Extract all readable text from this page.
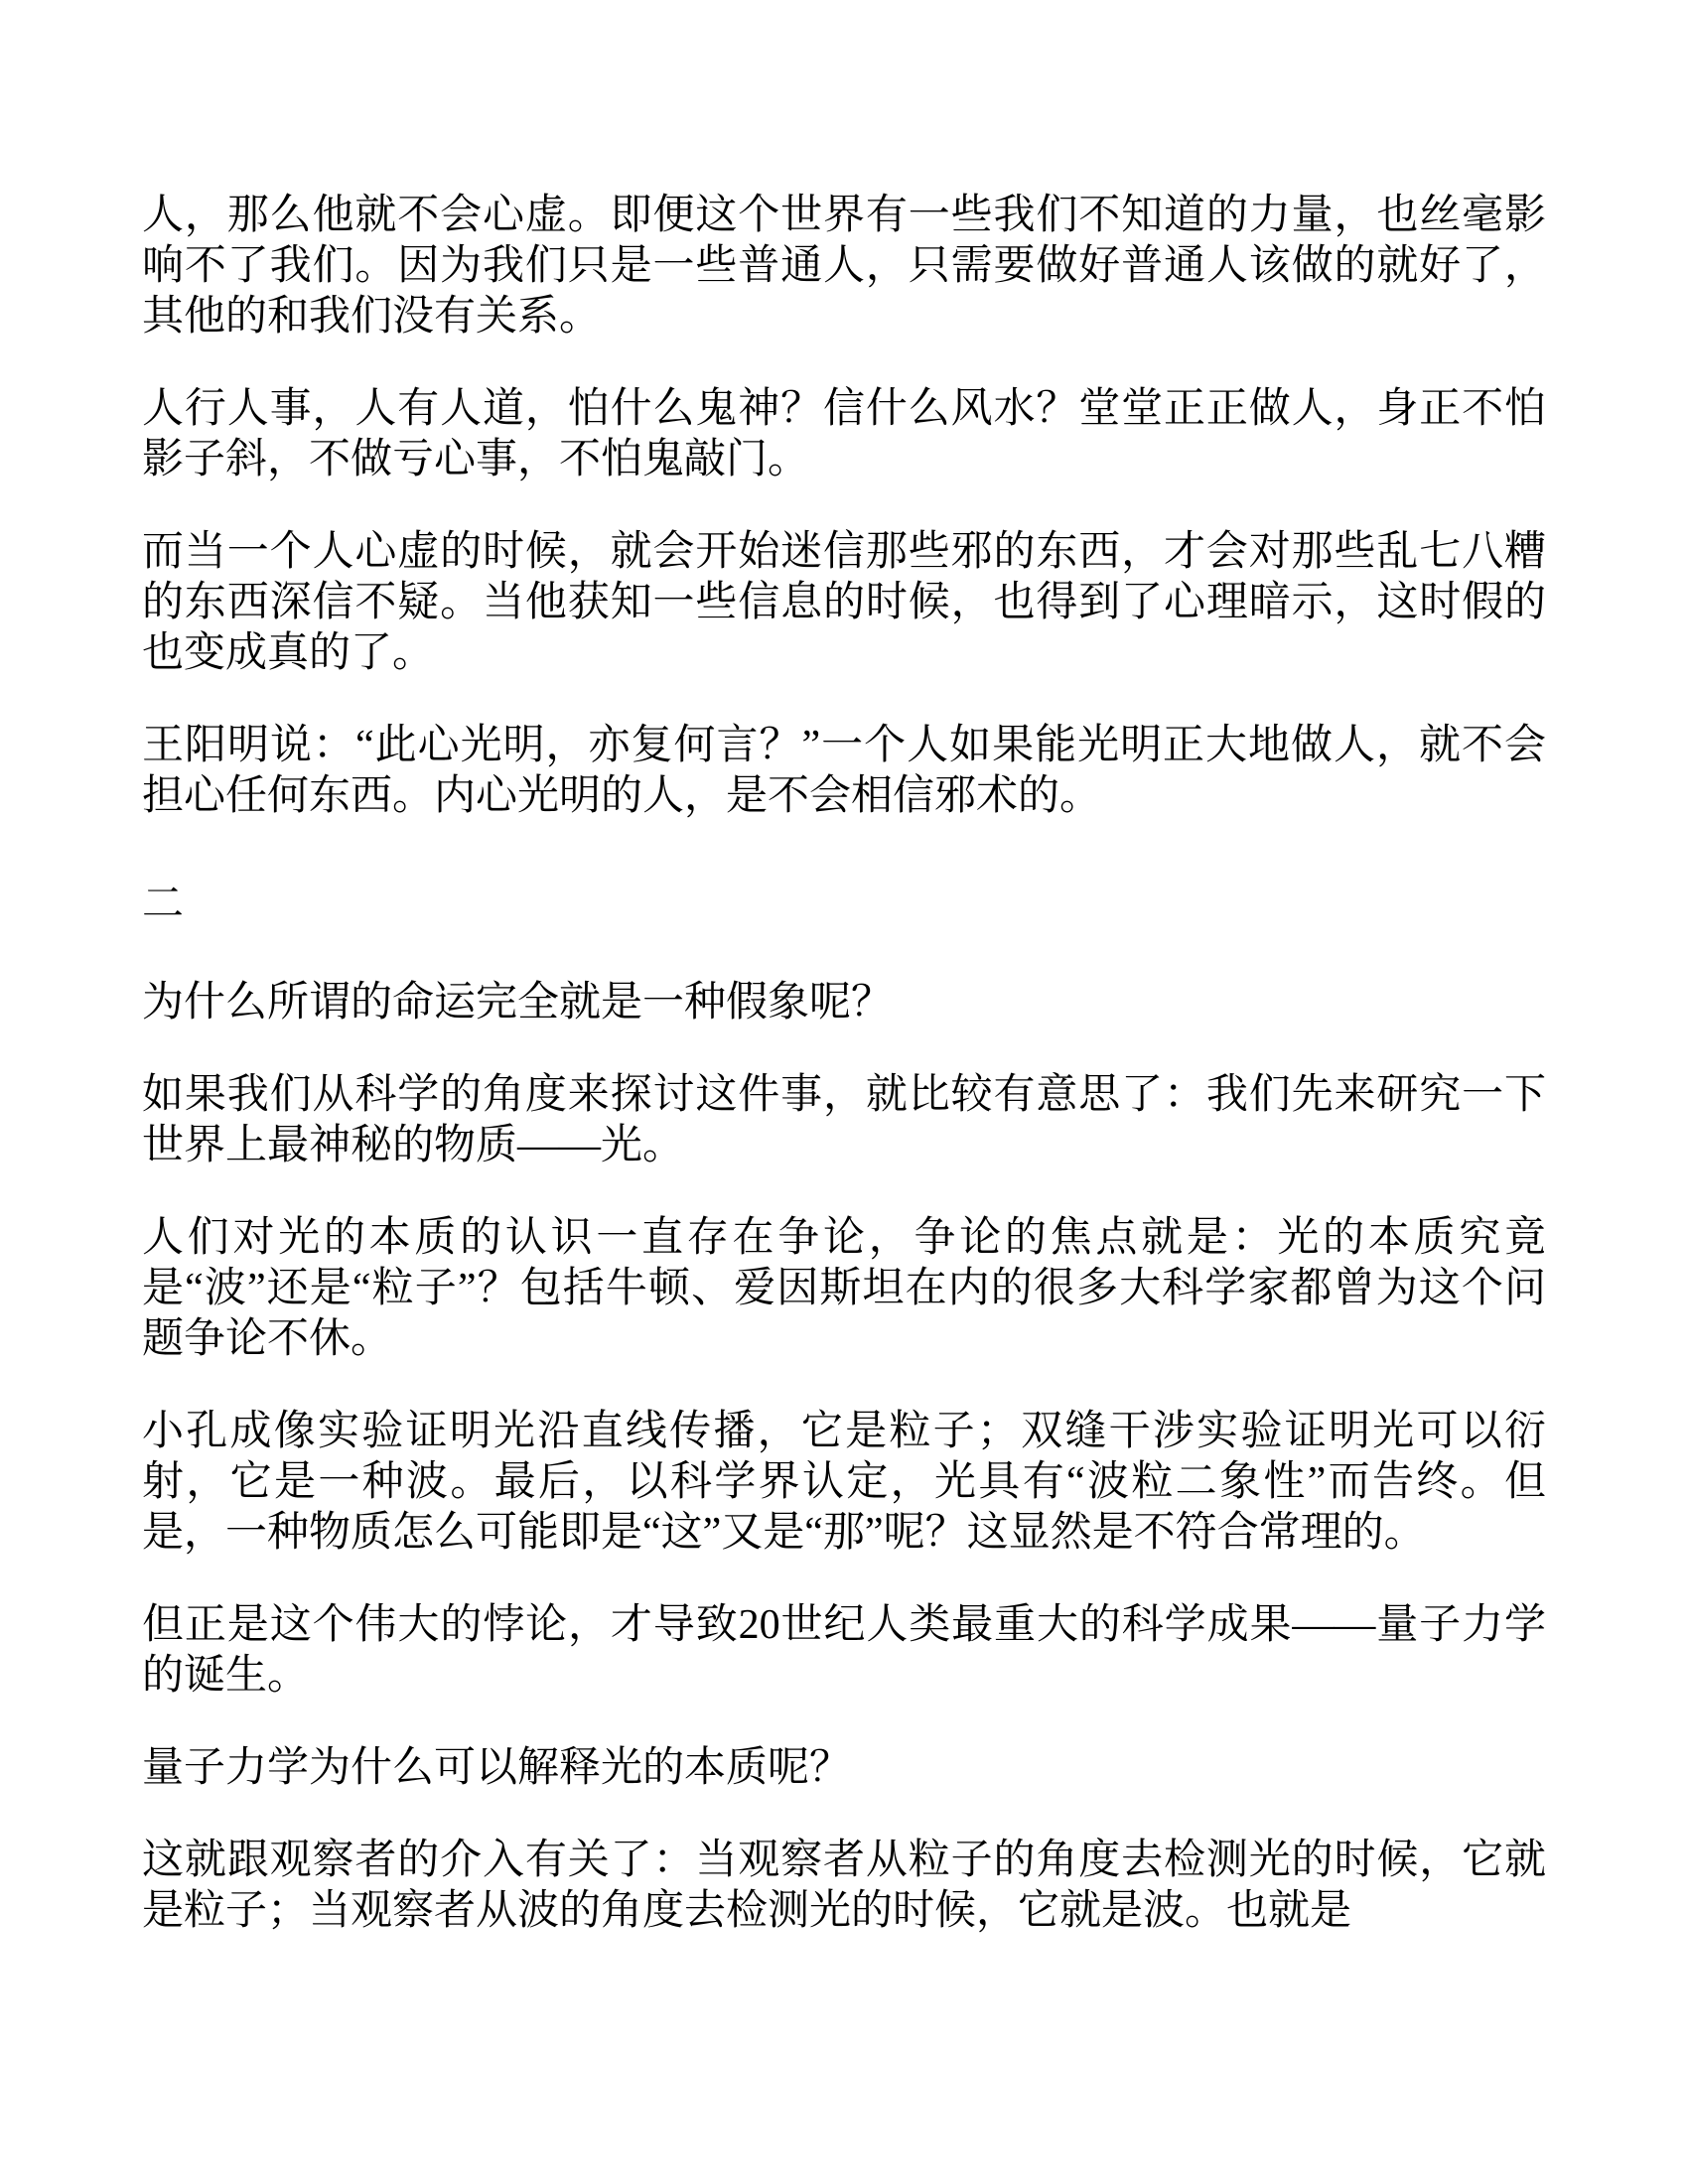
人，那么他就不会心虚。即便这个世界有一些我们不知道的力量，也丝毫影响不了我们。因为我们只是一些普通人，只需要做好普通人该做的就好了，其他的和我们没有关系。

人行人事，人有人道，怕什么鬼神？信什么风水？堂堂正正做人，身正不怕影子斜，不做亏心事，不怕鬼敲门。

而当一个人心虚的时候，就会开始迷信那些邪的东西，才会对那些乱七八糟的东西深信不疑。当他获知一些信息的时候，也得到了心理暗示，这时假的也变成真的了。

王阳明说：“此心光明，亦复何言？”一个人如果能光明正大地做人，就不会担心任何东西。内心光明的人，是不会相信邪术的。

二

为什么所谓的命运完全就是一种假象呢？

如果我们从科学的角度来探讨这件事，就比较有意思了：我们先来研究一下世界上最神秘的物质——光。

人们对光的本质的认识一直存在争论，争论的焦点就是：光的本质究竟是“波”还是“粒子”？包括牛顿、爱因斯坦在内的很多大科学家都曾为这个问题争论不休。

小孔成像实验证明光沿直线传播，它是粒子；双缝干涉实验证明光可以衍射，它是一种波。最后，以科学界认定，光具有“波粒二象性”而告终。但是，一种物质怎么可能即是“这”又是“那”呢？这显然是不符合常理的。

但正是这个伟大的悖论，才导致20世纪人类最重大的科学成果——量子力学的诞生。

量子力学为什么可以解释光的本质呢？

这就跟观察者的介入有关了：当观察者从粒子的角度去检测光的时候，它就是粒子；当观察者从波的角度去检测光的时候，它就是波。也就是
